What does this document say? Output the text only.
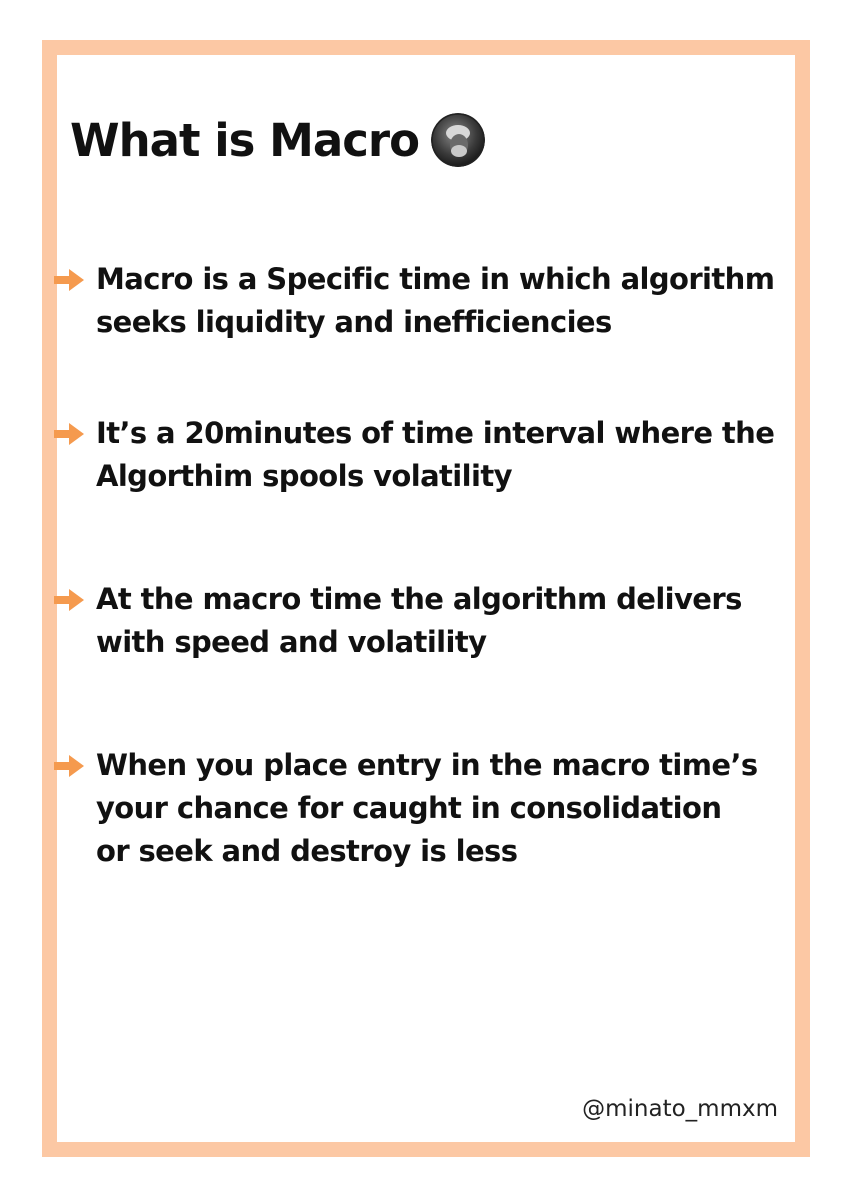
What is Macro
Macro is a Specific time in which algorithm
seeks liquidity and inefficiencies
It’s a 20minutes of time interval where the
Algorthim spools volatility
At the macro time the algorithm delivers
with speed and volatility
When you place entry in the macro time’s
your chance for caught in consolidation
or seek and destroy is less
@minato_mmxm
